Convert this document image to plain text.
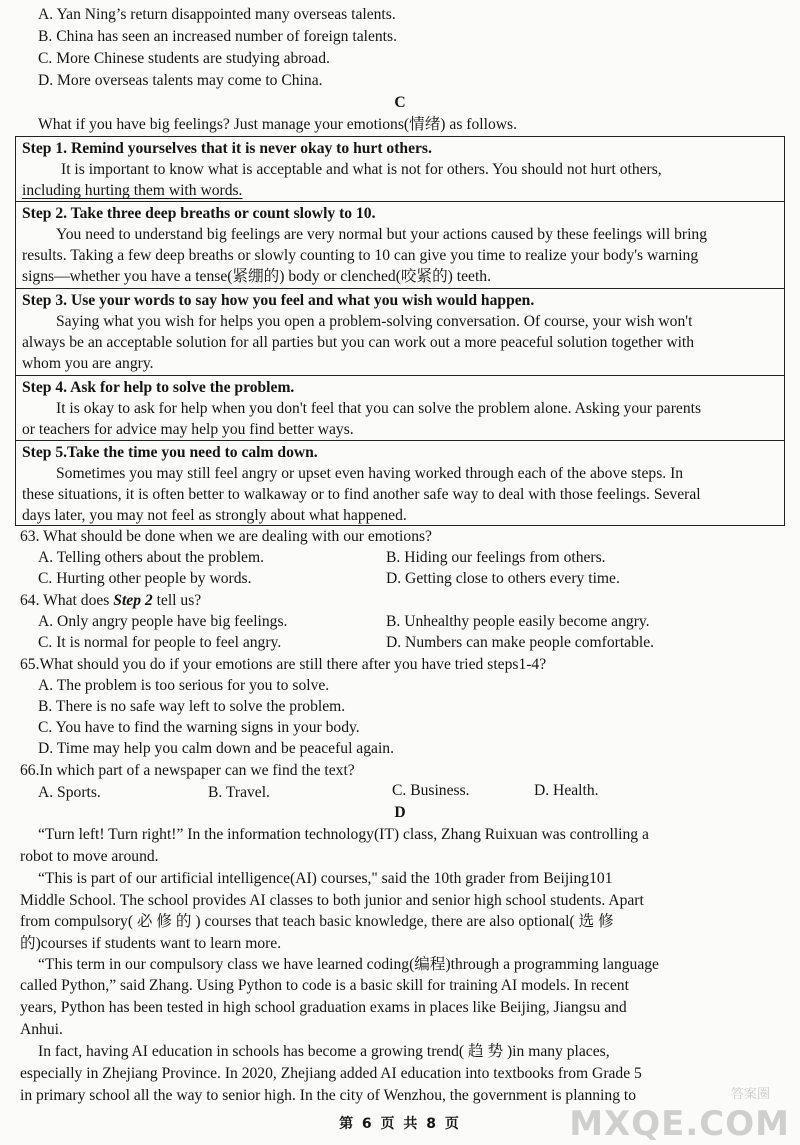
A. Yan Ning’s return disappointed many overseas talents.
B. China has seen an increased number of foreign talents.
C. More Chinese students are studying abroad.
D. More overseas talents may come to China.
C
What if you have big feelings? Just manage your emotions(情绪) as follows.
Step 1. Remind yourselves that it is never okay to hurt others.
It is important to know what is acceptable and what is not for others. You should not hurt others,
including hurting them with words.
Step 2. Take three deep breaths or count slowly to 10.
You need to understand big feelings are very normal but your actions caused by these feelings will bring
results. Taking a few deep breaths or slowly counting to 10 can give you time to realize your body's warning
signs—whether you have a tense(紧绷的) body or clenched(咬紧的) teeth.
Step 3. Use your words to say how you feel and what you wish would happen.
Saying what you wish for helps you open a problem-solving conversation. Of course, your wish won't
always be an acceptable solution for all parties but you can work out a more peaceful solution together with
whom you are angry.
Step 4. Ask for help to solve the problem.
It is okay to ask for help when you don't feel that you can solve the problem alone. Asking your parents
or teachers for advice may help you find better ways.
Step 5.Take the time you need to calm down.
Sometimes you may still feel angry or upset even having worked through each of the above steps. In
these situations, it is often better to walkaway or to find another safe way to deal with those feelings. Several
days later, you may not feel as strongly about what happened.
63. What should be done when we are dealing with our emotions?
A. Telling others about the problem.	B. Hiding our feelings from others.
C. Hurting other people by words.	D. Getting close to others every time.
64. What does Step 2 tell us?
A. Only angry people have big feelings.	B. Unhealthy people easily become angry.
C. It is normal for people to feel angry.	D. Numbers can make people comfortable.
65.What should you do if your emotions are still there after you have tried steps1-4?
A. The problem is too serious for you to solve.
B. There is no safe way left to solve the problem.
C. You have to find the warning signs in your body.
D. Time may help you calm down and be peaceful again.
66.In which part of a newspaper can we find the text?
A. Sports.	B. Travel.	C. Business.	D. Health.
D
“Turn left! Turn right!” In the information technology(IT) class, Zhang Ruixuan was controlling a
robot to move around.
“This is part of our artificial intelligence(AI) courses," said the 10th grader from Beijing101
Middle School. The school provides AI classes to both junior and senior high school students. Apart
from compulsory( 必 修 的 ) courses that teach basic knowledge, there are also optional( 选 修
的)courses if students want to learn more.
“This term in our compulsory class we have learned coding(编程)through a programming language
called Python,” said Zhang. Using Python to code is a basic skill for training AI models. In recent
years, Python has been tested in high school graduation exams in places like Beijing, Jiangsu and
Anhui.
In fact, having AI education in schools has become a growing trend( 趋 势 )in many places,
especially in Zhejiang Province. In 2020, Zhejiang added AI education into textbooks from Grade 5
in primary school all the way to senior high. In the city of Wenzhou, the government is planning to
第 6 页 共 8 页
答案圈
MXQE.COM
